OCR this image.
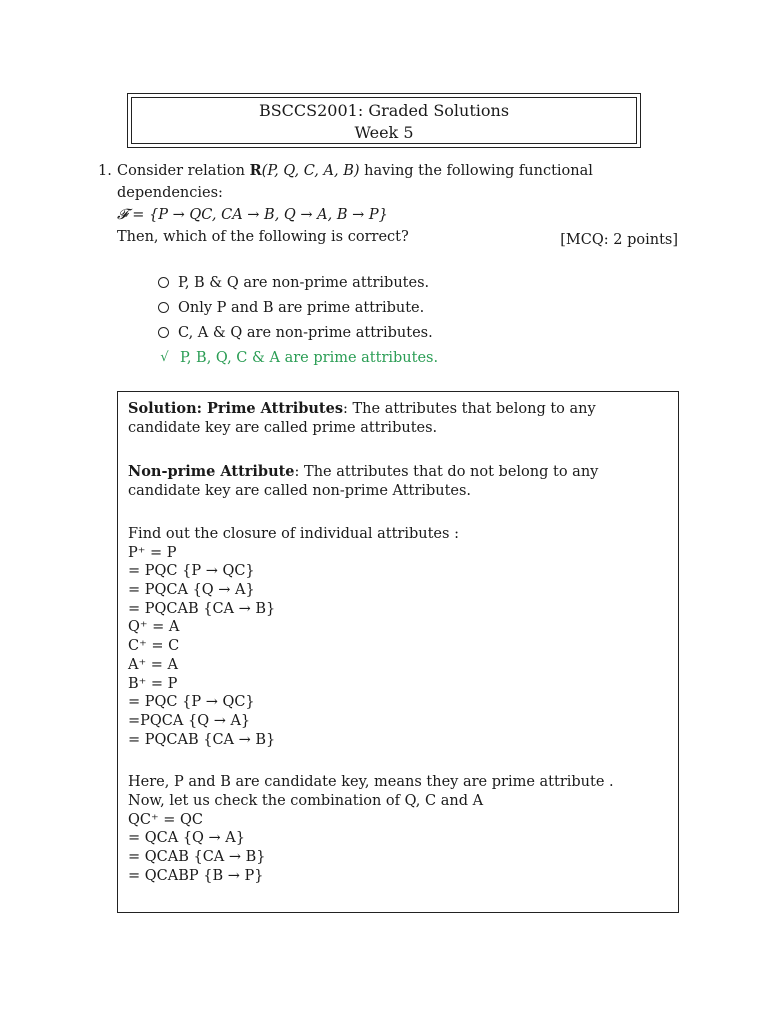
BSCCS2001: Graded Solutions
Week 5
1. Consider relation R(P, Q, C, A, B) having the following functional dependencies:
𝓕 = {P → QC, CA → B, Q → A, B → P}
Then, which of the following is correct?	[MCQ: 2 points]
P, B & Q are non-prime attributes.
Only P and B are prime attribute.
C, A & Q are non-prime attributes.
√ P, B, Q, C & A are prime attributes.

Solution: Prime Attributes: The attributes that belong to any candidate key are called prime attributes.

Non-prime Attribute: The attributes that do not belong to any candidate key are called non-prime Attributes.

Find out the closure of individual attributes :
P⁺ = P
= PQC {P → QC}
= PQCA {Q → A}
= PQCAB {CA → B}
Q⁺ = A
C⁺ = C
A⁺ = A
B⁺ = P
= PQC {P → QC}
=PQCA {Q → A}
= PQCAB {CA → B}
Here, P and B are candidate key, means they are prime attribute .
Now, let us check the combination of Q, C and A
QC⁺ = QC
= QCA {Q → A}
= QCAB {CA → B}
= QCABP {B → P}
